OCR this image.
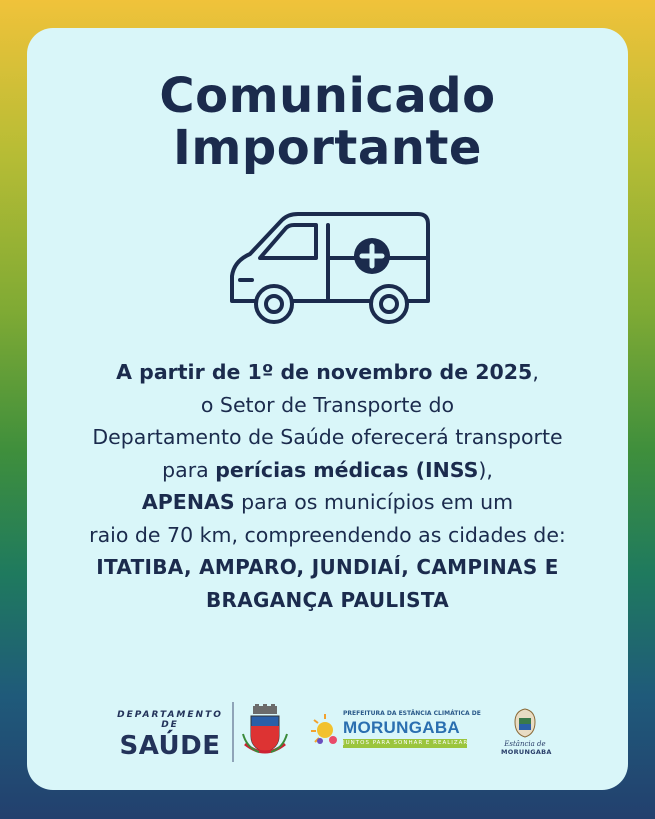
Comunicado
Importante
A partir de 1º de novembro de 2025,
o Setor de Transporte do
Departamento de Saúde oferecerá transporte
para perícias médicas (INSS),
APENAS para os municípios em um
raio de 70 km, compreendendo as cidades de:
ITATIBA, AMPARO, JUNDIAÍ, CAMPINAS E
BRAGANÇA PAULISTA
DEPARTAMENTO DE
SAÚDE
PREFEITURA DA ESTÂNCIA CLIMÁTICA DE
MORUNGABA
JUNTOS PARA SONHAR E REALIZAR	Estância de
MORUNGABA
